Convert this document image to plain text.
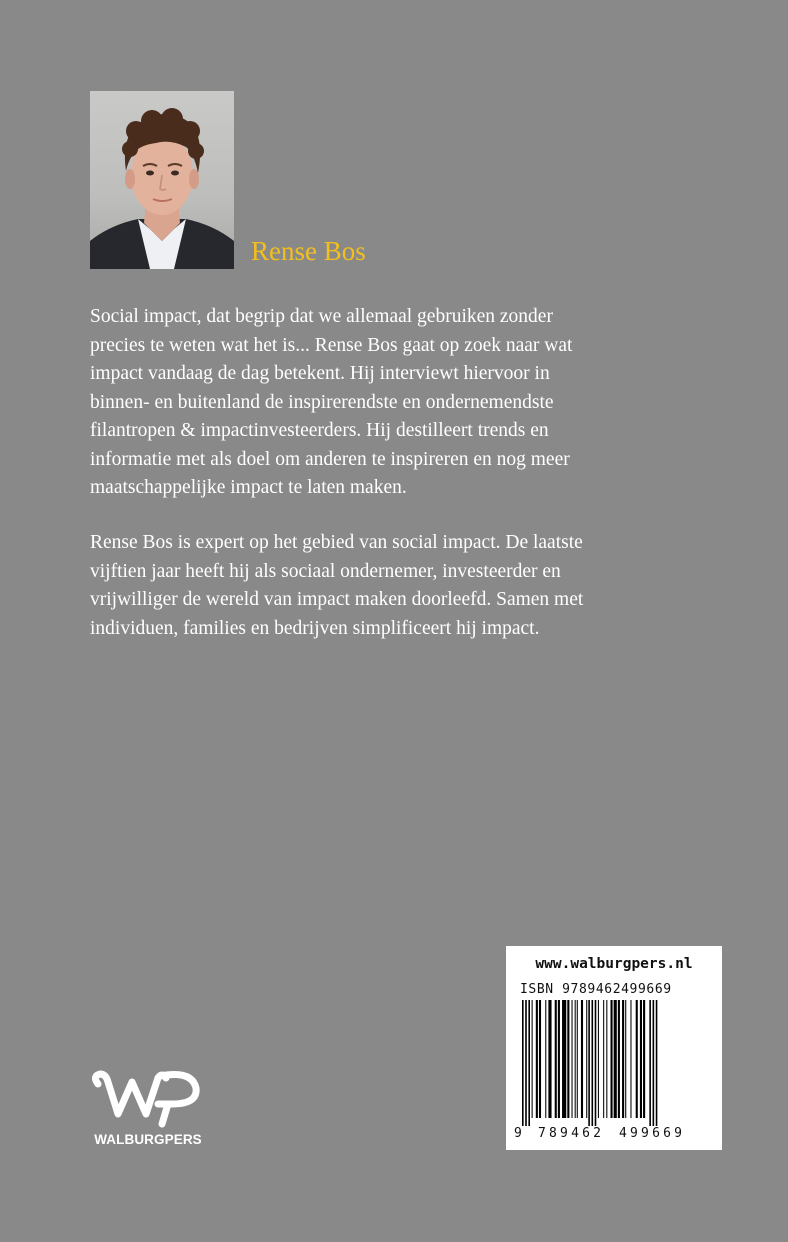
Rense Bos

Social impact, dat begrip dat we allemaal gebruiken zonder
precies te weten wat het is... Rense Bos gaat op zoek naar wat
impact vandaag de dag betekent. Hij interviewt hiervoor in
binnen- en buitenland de inspirerendste en ondernemendste
filantropen & impactinvesteerders. Hij destilleert trends en
informatie met als doel om anderen te inspireren en nog meer
maatschappelijke impact te laten maken.

Rense Bos is expert op het gebied van social impact. De laatste
vijftien jaar heeft hij als sociaal ondernemer, investeerder en
vrijwilliger de wereld van impact maken doorleefd. Samen met
individuen, families en bedrijven simplificeert hij impact.

www.walburgpers.nl
ISBN 9789462499669
9 789462 499669
WALBURGPERS
